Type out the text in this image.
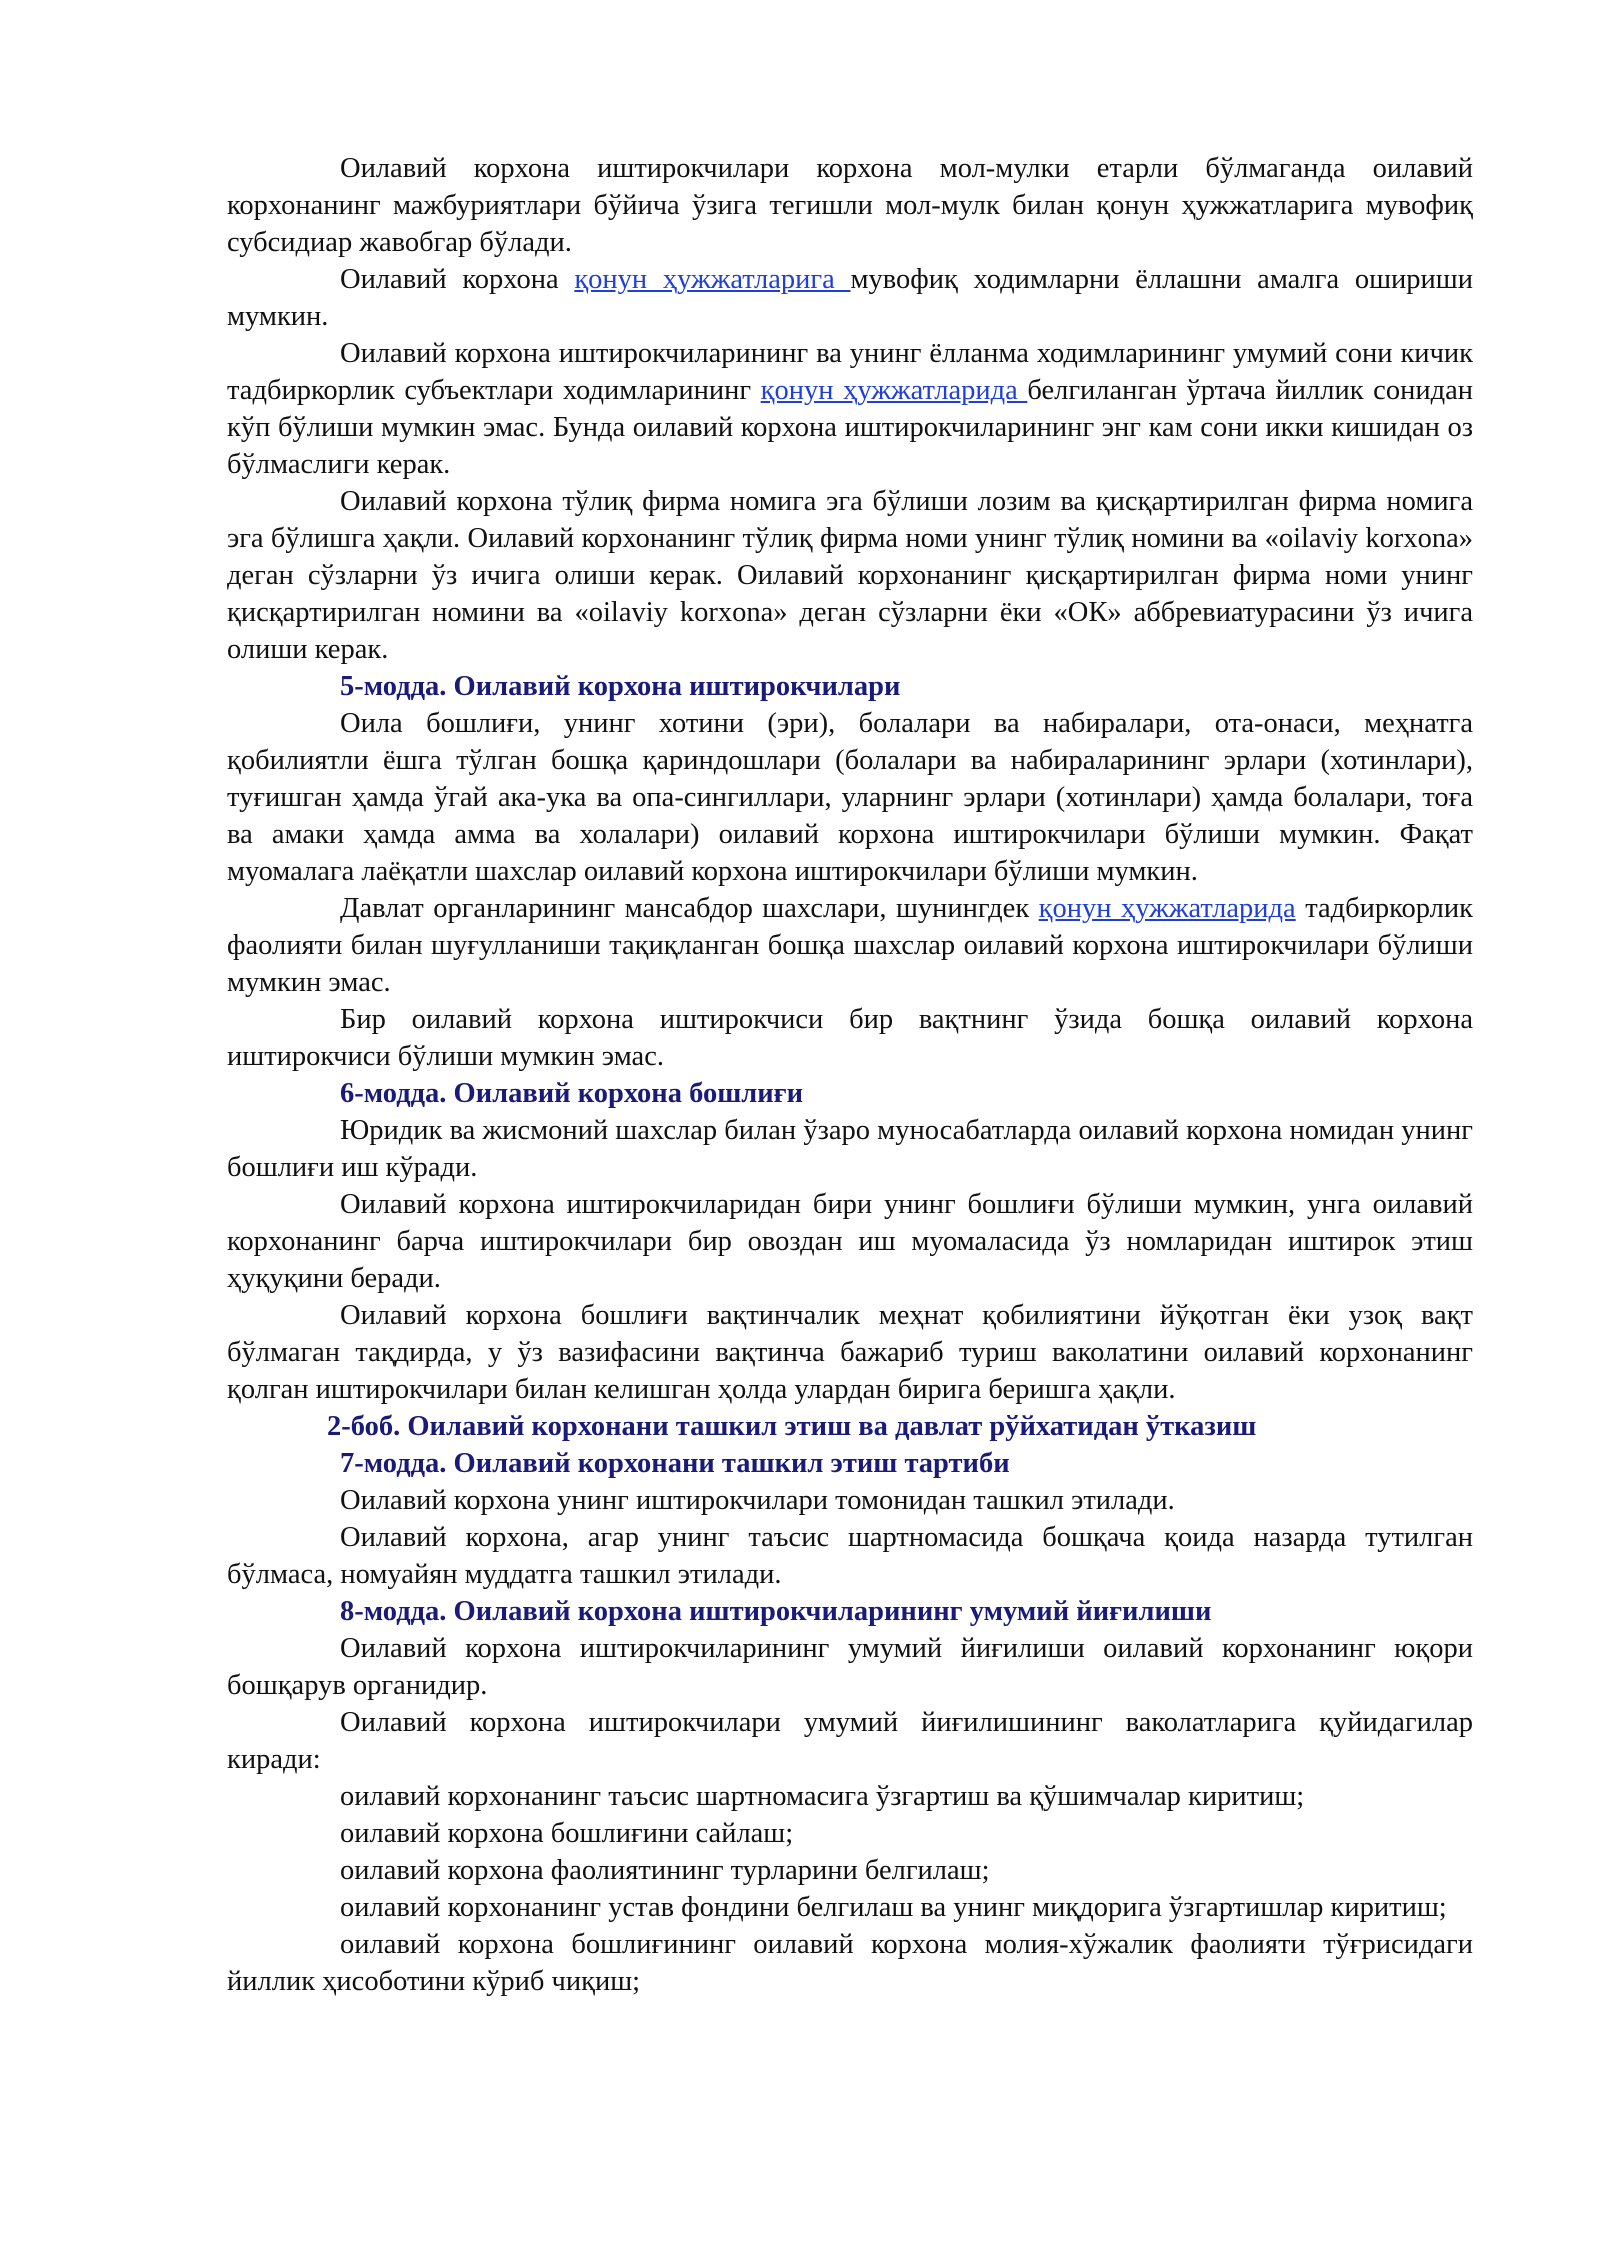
Оилавий корхона иштирокчилари корхона мол-мулки етарли бўлмаганда оилавий корхонанинг мажбуриятлари бўйича ўзига тегишли мол-мулк билан қонун ҳужжатларига мувофиқ субсидиар жавобгар бўлади.

Оилавий корхона қонун ҳужжатларига мувофиқ ходимларни ёллашни амалга ошириши мумкин.

Оилавий корхона иштирокчиларининг ва унинг ёлланма ходимларининг умумий сони кичик тадбиркорлик субъектлари ходимларининг қонун ҳужжатларида белгиланган ўртача йиллик сонидан кўп бўлиши мумкин эмас. Бунда оилавий корхона иштирокчиларининг энг кам сони икки кишидан оз бўлмаслиги керак.

Оилавий корхона тўлиқ фирма номига эга бўлиши лозим ва қисқартирилган фирма номига эга бўлишга ҳақли. Оилавий корхонанинг тўлиқ фирма номи унинг тўлиқ номини ва «oilaviy korxona» деган сўзларни ўз ичига олиши керак. Оилавий корхонанинг қисқартирилган фирма номи унинг қисқартирилган номини ва «oilaviy korxona» деган сўзларни ёки «ОК» аббревиатурасини ўз ичига олиши керак.

5-модда. Оилавий корхона иштирокчилари

Оила бошлиғи, унинг хотини (эри), болалари ва набиралари, ота-онаси, меҳнатга қобилиятли ёшга тўлган бошқа қариндошлари (болалари ва набираларининг эрлари (хотинлари), туғишган ҳамда ўгай ака-ука ва опа-сингиллари, уларнинг эрлари (хотинлари) ҳамда болалари, тоға ва амаки ҳамда амма ва холалари) оилавий корхона иштирокчилари бўлиши мумкин. Фақат муомалага лаёқатли шахслар оилавий корхона иштирокчилари бўлиши мумкин.

Давлат органларининг мансабдор шахслари, шунингдек қонун ҳужжатларида тадбиркорлик фаолияти билан шуғулланиши тақиқланган бошқа шахслар оилавий корхона иштирокчилари бўлиши мумкин эмас.

Бир оилавий корхона иштирокчиси бир вақтнинг ўзида бошқа оилавий корхона иштирокчиси бўлиши мумкин эмас.

6-модда. Оилавий корхона бошлиғи

Юридик ва жисмоний шахслар билан ўзаро муносабатларда оилавий корхона номидан унинг бошлиғи иш кўради.

Оилавий корхона иштирокчиларидан бири унинг бошлиғи бўлиши мумкин, унга оилавий корхонанинг барча иштирокчилари бир овоздан иш муомаласида ўз номларидан иштирок этиш ҳуқуқини беради.

Оилавий корхона бошлиғи вақтинчалик меҳнат қобилиятини йўқотган ёки узоқ вақт бўлмаган тақдирда, у ўз вазифасини вақтинча бажариб туриш ваколатини оилавий корхонанинг қолган иштирокчилари билан келишган ҳолда улардан бирига беришга ҳақли.

2-боб. Оилавий корхонани ташкил этиш ва давлат рўйхатидан ўтказиш
7-модда. Оилавий корхонани ташкил этиш тартиби

Оилавий корхона унинг иштирокчилари томонидан ташкил этилади.

Оилавий корхона, агар унинг таъсис шартномасида бошқача қоида назарда тутилган бўлмаса, номуайян муддатга ташкил этилади.

8-модда. Оилавий корхона иштирокчиларининг умумий йиғилиши

Оилавий корхона иштирокчиларининг умумий йиғилиши оилавий корхонанинг юқори бошқарув органидир.

Оилавий корхона иштирокчилари умумий йиғилишининг ваколатларига қуйидагилар киради:

оилавий корхонанинг таъсис шартномасига ўзгартиш ва қўшимчалар киритиш;

оилавий корхона бошлиғини сайлаш;

оилавий корхона фаолиятининг турларини белгилаш;

оилавий корхонанинг устав фондини белгилаш ва унинг миқдорига ўзгартишлар киритиш;

оилавий корхона бошлиғининг оилавий корхона молия-хўжалик фаолияти тўғрисидаги йиллик ҳисоботини кўриб чиқиш;
